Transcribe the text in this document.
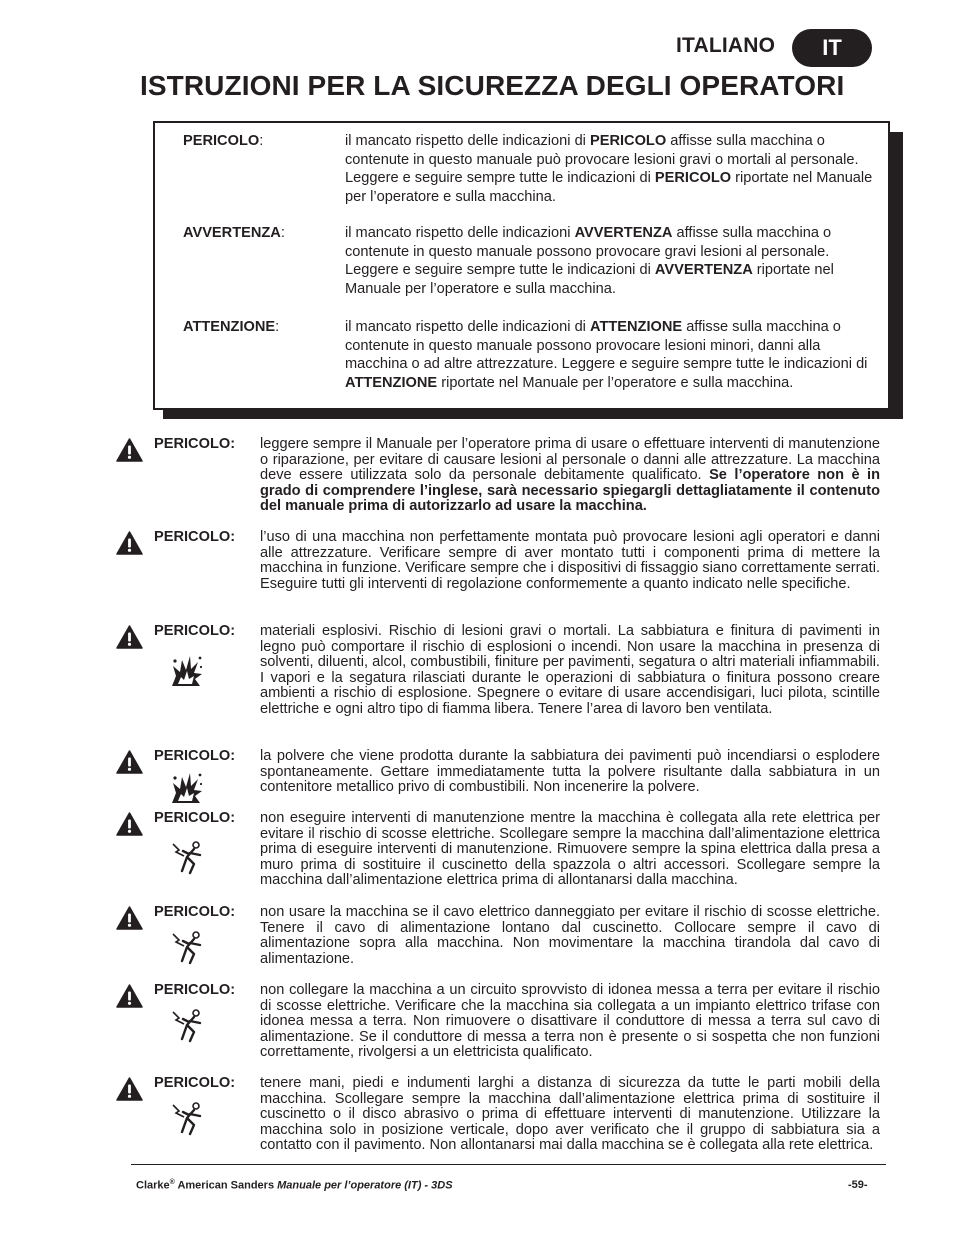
ITALIANO	IT
ISTRUZIONI PER LA SICUREZZA DEGLI OPERATORI
PERICOLO:	il mancato rispetto delle indicazioni di PERICOLO affisse sulla macchina o contenute in questo manuale può provocare lesioni gravi o mortali al personale. Leggere e seguire sempre tutte le indicazioni di PERICOLO riportate nel Manuale per l’operatore e sulla macchina.
AVVERTENZA:	il mancato rispetto delle indicazioni AVVERTENZA affisse sulla macchina o contenute in questo manuale possono provocare gravi lesioni al personale. Leggere e seguire sempre tutte le indicazioni di AVVERTENZA riportate nel Manuale per l’operatore e sulla macchina.
ATTENZIONE:	il mancato rispetto delle indicazioni di ATTENZIONE affisse sulla macchina o contenute in questo manuale possono provocare lesioni minori, danni alla macchina o ad altre attrezzature. Leggere e seguire sempre tutte le indicazioni di ATTENZIONE riportate nel Manuale per l’operatore e sulla macchina.
PERICOLO: leggere sempre il Manuale per l’operatore prima di usare o effettuare interventi di manutenzione o riparazione, per evitare di causare lesioni al personale o danni alle attrezzature. La macchina deve essere utilizzata solo da personale debitamente qualificato. Se l’operatore non è in grado di comprendere l’inglese, sarà necessario spiegargli dettagliatamente il contenuto del manuale prima di autorizzarlo ad usare la macchina.
PERICOLO: l’uso di una macchina non perfettamente montata può provocare lesioni agli operatori e danni alle attrezzature. Verificare sempre di aver montato tutti i componenti prima di mettere la macchina in funzione. Verificare sempre che i dispositivi di fissaggio siano correttamente serrati. Eseguire tutti gli interventi di regolazione conformemente a quanto indicato nelle specifiche.
PERICOLO: materiali esplosivi. Rischio di lesioni gravi o mortali. La sabbiatura e finitura di pavimenti in legno può comportare il rischio di esplosioni o incendi. Non usare la macchina in presenza di solventi, diluenti, alcol, combustibili, finiture per pavimenti, segatura o altri materiali infiammabili. I vapori e la segatura rilasciati durante le operazioni di sabbiatura o finitura possono creare ambienti a rischio di esplosione. Spegnere o evitare di usare accendisigari, luci pilota, scintille elettriche e ogni altro tipo di fiamma libera. Tenere l’area di lavoro ben ventilata.
PERICOLO: la polvere che viene prodotta durante la sabbiatura dei pavimenti può incendiarsi o esplodere spontaneamente. Gettare immediatamente tutta la polvere risultante dalla sabbiatura in un contenitore metallico privo di combustibili. Non incenerire la polvere.
PERICOLO: non eseguire interventi di manutenzione mentre la macchina è collegata alla rete elettrica per evitare il rischio di scosse elettriche. Scollegare sempre la macchina dall’alimentazione elettrica prima di eseguire interventi di manutenzione. Rimuovere sempre la spina elettrica dalla presa a muro prima di sostituire il cuscinetto della spazzola o altri accessori. Scollegare sempre la macchina dall’alimentazione elettrica prima di allontanarsi dalla macchina.
PERICOLO: non usare la macchina se il cavo elettrico danneggiato per evitare il rischio di scosse elettriche. Tenere il cavo di alimentazione lontano dal cuscinetto. Collocare sempre il cavo di alimentazione sopra alla macchina. Non movimentare la macchina tirandola dal cavo di alimentazione.
PERICOLO: non collegare la macchina a un circuito sprovvisto di idonea messa a terra per evitare il rischio di scosse elettriche. Verificare che la macchina sia collegata a un impianto elettrico trifase con idonea messa a terra. Non rimuovere o disattivare il conduttore di messa a terra sul cavo di alimentazione. Se il conduttore di messa a terra non è presente o si sospetta che non funzioni correttamente, rivolgersi a un elettricista qualificato.
PERICOLO: tenere mani, piedi e indumenti larghi a distanza di sicurezza da tutte le parti mobili della macchina. Scollegare sempre la macchina dall’alimentazione elettrica prima di sostituire il cuscinetto o il disco abrasivo o prima di effettuare interventi di manutenzione. Utilizzare la macchina solo in posizione verticale, dopo aver verificato che il gruppo di sabbiatura sia a contatto con il pavimento. Non allontanarsi mai dalla macchina se è collegata alla rete elettrica.
Clarke® American Sanders Manuale per l’operatore (IT) - 3DS	-59-
